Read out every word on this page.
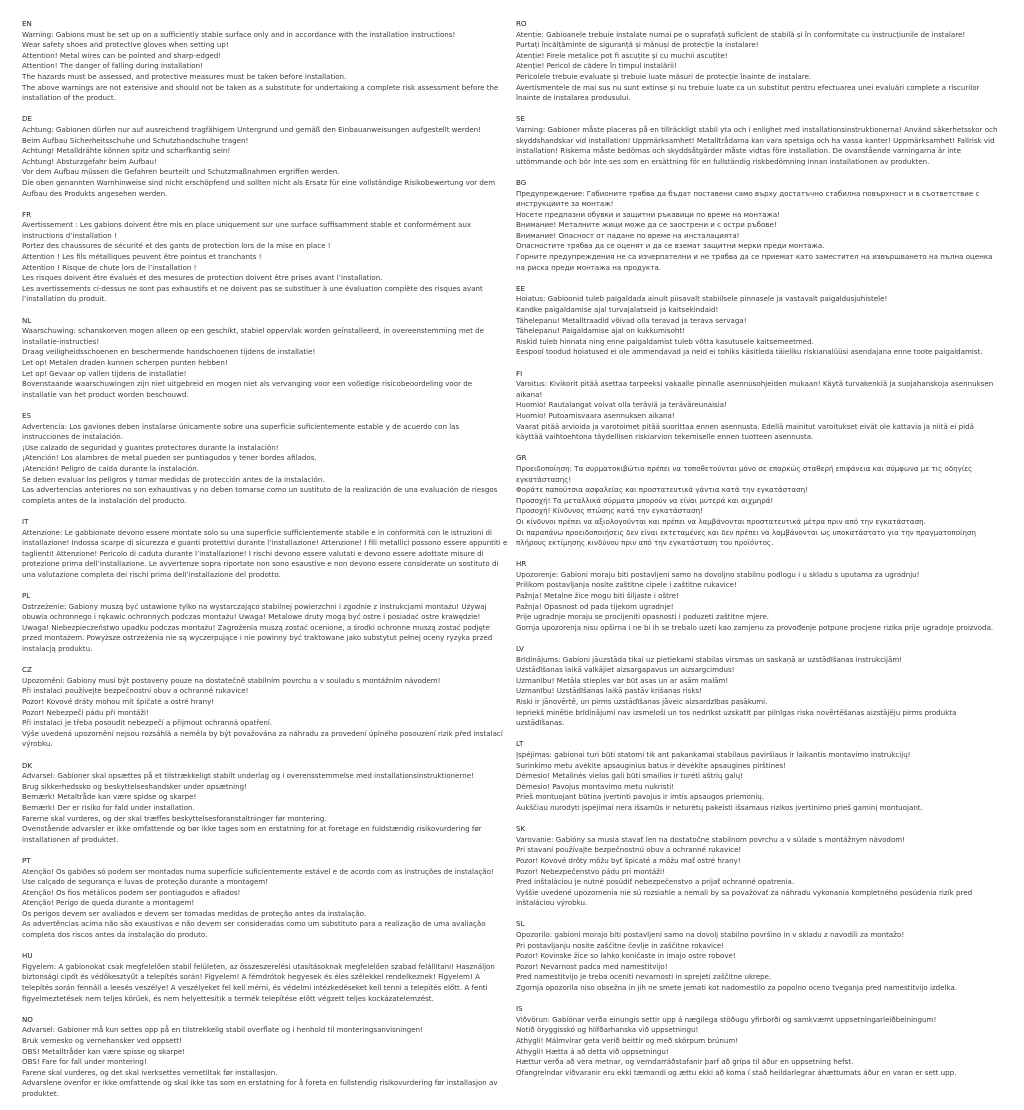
EN

Warning: Gabions must be set up on a sufficiently stable surface only and in accordance with the installation instructions!

Wear safety shoes and protective gloves when setting up!

Attention! Metal wires can be pointed and sharp-edged!

Attention! The danger of falling during installation!

The hazards must be assessed, and protective measures must be taken before installation.

The above warnings are not extensive and should not be taken as a substitute for undertaking a complete risk assessment before the installation of the product.

DE

Achtung: Gabionen dürfen nur auf ausreichend tragfähigem Untergrund und gemäß den Einbauanweisungen aufgestellt werden!

Beim Aufbau Sicherheitsschuhe und Schutzhandschuhe tragen!

Achtung! Metalldrähte können spitz und scharfkantig sein!

Achtung! Absturzgefahr beim Aufbau!

Vor dem Aufbau müssen die Gefahren beurteilt und Schutzmaßnahmen ergriffen werden.

Die oben genannten Warnhinweise sind nicht erschöpfend und sollten nicht als Ersatz für eine vollständige Risikobewertung vor dem Aufbau des Produkts angesehen werden.

FR

Avertissement : Les gabions doivent être mis en place uniquement sur une surface suffisamment stable et conformément aux instructions d’installation !

Portez des chaussures de sécurité et des gants de protection lors de la mise en place !

Attention ! Les fils métalliques peuvent être pointus et tranchants !

Attention ! Risque de chute lors de l’installation !

Les risques doivent être évalués et des mesures de protection doivent être prises avant l’installation.

Les avertissements ci-dessus ne sont pas exhaustifs et ne doivent pas se substituer à une évaluation complète des risques avant l’installation du produit.

NL

Waarschuwing: schanskorven mogen alleen op een geschikt, stabiel oppervlak worden geïnstalleerd, in overeenstemming met de installatie-instructies!

Draag veiligheidsschoenen en beschermende handschoenen tijdens de installatie!

Let op! Metalen draden kunnen scherpen punten hebben!

Let op! Gevaar op vallen tijdens de installatie!

Bovenstaande waarschuwingen zijn niet uitgebreid en mogen niet als vervanging voor een volledige risicobeoordeling voor de installatie van het product worden beschouwd.

ES

Advertencia: Los gaviones deben instalarse únicamente sobre una superficie suficientemente estable y de acuerdo con las instrucciones de instalación.

¡Use calzado de seguridad y guantes protectores durante la instalación!

¡Atención! Los alambres de metal pueden ser puntiagudos y tener bordes afilados.

¡Atención! Peligro de caída durante la instalación.

Se deben evaluar los peligros y tomar medidas de protección antes de la instalación.

Las advertencias anteriores no son exhaustivas y no deben tomarse como un sustituto de la realización de una evaluación de riesgos completa antes de la instalación del producto.

IT

Attenzione: Le gabbionate devono essere montate solo su una superficie sufficientemente stabile e in conformità con le istruzioni di installazione! Indossa scarpe di sicurezza e guanti protettivi durante l’installazione! Attenzione! I fili metallici possono essere appuntiti e taglienti! Attenzione! Pericolo di caduta durante l’installazione! I rischi devono essere valutati e devono essere adottate misure di protezione prima dell’installazione. Le avvertenze sopra riportate non sono esaustive e non devono essere considerate un sostituto di una valutazione completa dei rischi prima dell’installazione del prodotto.

PL

Ostrzeżenie: Gabiony muszą być ustawione tylko na wystarczająco stabilnej powierzchni i zgodnie z instrukcjami montażu! Używaj obuwia ochronnego i rękawic ochronnych podczas montażu! Uwaga! Metalowe druty mogą być ostre i posiadać ostre krawędzie! Uwaga! Niebezpieczeństwo upadku podczas montażu! Zagrożenia muszą zostać ocenione, a środki ochronne muszą zostać podjęte przed montażem. Powyższe ostrzeżenia nie są wyczerpujące i nie powinny być traktowane jako substytut pełnej oceny ryzyka przed instalacją produktu.

CZ

Upozornění: Gabiony musí být postaveny pouze na dostatečně stabilním povrchu a v souladu s montážním návodem!

Při instalaci používejte bezpečnostní obuv a ochranné rukavice!

Pozor! Kovové dráty mohou mít špičaté a ostré hrany!

Pozor! Nebezpečí pádu při montáži!

Při instalaci je třeba posoudit nebezpečí a přijmout ochranná opatření.

Výše uvedená upozornění nejsou rozsáhlá a neměla by být považována za náhradu za provedení úplného posouzení rizik před instalací výrobku.

DK

Advarsel: Gabioner skal opsættes på et tilstrækkeligt stabilt underlag og i overensstemmelse med installationsinstruktionerne!

Brug sikkerhedssko og beskyttelseshandsker under opsætning!

Bemærk! Metaltråde kan være spidse og skarpe!

Bemærk! Der er risiko for fald under installation.

Farerne skal vurderes, og der skal træffes beskyttelsesforanstaltninger før montering.

Ovenstående advarsler er ikke omfattende og bør ikke tages som en erstatning for at foretage en fuldstændig risikovurdering før installationen af produktet.

PT

Atenção! Os gabiões só podem ser montados numa superfície suficientemente estável e de acordo com as instruções de instalação!

Use calçado de segurança e luvas de proteção durante a montagem!

Atenção! Os fios metálicos podem ser pontiagudos e afiados!

Atenção! Perigo de queda durante a montagem!

Os perigos devem ser avaliados e devem ser tomadas medidas de proteção antes da instalação.

As advertências acima não são exaustivas e não devem ser consideradas como um substituto para a realização de uma avaliação completa dos riscos antes da instalação do produto.

HU

Figyelem: A gabionokat csak megfelelően stabil felületen, az összeszerelési utasításoknak megfelelően szabad felállítani! Használjon biztonsági cipőt és védőkesztyűt a telepítés során! Figyelem! A fémdrótok hegyesek és éles szélekkel rendelkeznek! Figyelem! A telepítés során fennáll a leesés veszélye! A veszélyeket fel kell mérni, és védelmi intézkedéseket kell tenni a telepítés előtt. A fenti figyelmeztetések nem teljes körűek, és nem helyettesítik a termék telepítése előtt végzett teljes kockázatelemzést.

NO

Advarsel: Gabioner må kun settes opp på en tilstrekkelig stabil overflate og i henhold til monteringsanvisningen!

Bruk vernesko og vernehansker ved oppsett!

OBS! Metalltråder kan være spisse og skarpe!

OBS! Fare for fall under montering!

Farene skal vurderes, og det skal iverksettes vernetiltak før installasjon.

Advarslene ovenfor er ikke omfattende og skal ikke tas som en erstatning for å foreta en fullstendig risikovurdering før installasjon av produktet.

RO

Atenție: Gabioanele trebuie instalate numai pe o suprafață suficient de stabilă și în conformitate cu instrucțiunile de instalare!

Purtați încălțăminte de siguranță și mănuși de protecție la instalare!

Atenție! Firele metalice pot fi ascuțite și cu muchii ascuțite!

Atenție! Pericol de cădere în timpul instalării!

Pericolele trebuie evaluate și trebuie luate măsuri de protecție înainte de instalare.

Avertismentele de mai sus nu sunt extinse și nu trebuie luate ca un substitut pentru efectuarea unei evaluări complete a riscurilor înainte de instalarea produsului.

SE

Varning: Gabioner måste placeras på en tillräckligt stabil yta och i enlighet med installationsinstruktionerna! Använd säkerhetsskor och skyddshandskar vid installation! Uppmärksamhet! Metalltrådarna kan vara spetsiga och ha vassa kanter! Uppmärksamhet! Fallrisk vid installation! Riskerna måste bedömas och skyddsåtgärder måste vidtas före installation. De ovanstående varningarna är inte uttömmande och bör inte ses som en ersättning för en fullständig riskbedömning innan installationen av produkten.

BG

Предупреждение: Габионите трябва да бъдат поставени само върху достатъчно стабилна повърхност и в съответствие с инструкциите за монтаж!

Носете предпазни обувки и защитни ръкавици по време на монтажа!

Внимание! Металните жици може да се заострени и с остри ръбове!

Внимание! Опасност от падане по време на инсталацията!

Опасностите трябва да се оценят и да се вземат защитни мерки преди монтажа.

Горните предупреждения не са изчерпателни и не трябва да се приемат като заместител на извършването на пълна оценка на риска преди монтажа на продукта.

EE

Hoiatus: Gabioonid tuleb paigaldada ainult piisavalt stabiilsele pinnasele ja vastavalt paigaldusjuhistele!

Kandke paigaldamise ajal turvajalatseid ja kaitsekindaid!

Tähelepanu! Metalltraadid võivad olla teravad ja terava servaga!

Tähelepanu! Paigaldamise ajal on kukkumisoht!

Riskid tuleb hinnata ning enne paigaldamist tuleb võtta kasutusele kaitsemeetmed.

Eespool toodud hoiatused ei ole ammendavad ja neid ei tohiks käsitleda täieliku riskianalüüsi asendajana enne toote paigaldamist.

FI

Varoitus: Kivikorit pitää asettaa tarpeeksi vakaalle pinnalle asennusohjeiden mukaan! Käytä turvakenkiä ja suojahanskoja asennuksen aikana!

Huomio! Rautalangat voivat olla teräviä ja teräväreunaisia!

Huomio! Putoamisvaara asennuksen aikana!

Vaarat pitää arvioida ja varotoimet pitää suorittaa ennen asennusta. Edellä mainitut varoitukset eivät ole kattavia ja niitä ei pidä käyttää vaihtoehtona täydellisen riskiarvion tekemiselle ennen tuotteen asennusta.

GR

Προειδοποίηση: Τα συρματοκιβώτια πρέπει να τοποθετούνται μόνο σε επαρκώς σταθερή επιφάνεια και σύμφωνα με τις οδηγίες εγκατάστασης!

Φοράτε παπούτσια ασφαλείας και προστατευτικά γάντια κατά την εγκατάσταση!

Προσοχή! Τα μεταλλικά σύρματα μπορούν να είναι μυτερά και αιχμηρά!

Προσοχή! Κίνδυνος πτώσης κατά την εγκατάσταση!

Οι κίνδυνοι πρέπει να αξιολογούνται και πρέπει να λαμβάνονται προστατευτικά μέτρα πριν από την εγκατάσταση.

Οι παραπάνω προειδοποιήσεις δεν είναι εκτεταμένες και δεν πρέπει να λαμβάνονται ως υποκατάστατο για την πραγματοποίηση πλήρους εκτίμησης κινδύνου πριν από την εγκατάσταση του προϊόντος.

HR

Upozorenje: Gabioni moraju biti postavljeni samo na dovoljno stabilnu podlogu i u skladu s uputama za ugradnju!

Prilikom postavljanja nosite zaštitne cipele i zaštitne rukavice!

Pažnja! Metalne žice mogu biti šiljaste i oštre!

Pažnja! Opasnost od pada tijekom ugradnje!

Prije ugradnje moraju se procijeniti opasnosti i poduzeti zaštitne mjere.

Gornja upozorenja nisu opširna i ne bi ih se trebalo uzeti kao zamjenu za provođenje potpune procjene rizika prije ugradnje proizvoda.

LV

Brīdinājums: Gabioni jāuzstāda tikai uz pietiekami stabilas virsmas un saskaņā ar uzstādīšanas instrukcijām!

Uzstādīšanas laikā valkājiet aizsargapavus un aizsargcimdus!

Uzmanību! Metāla stieples var būt asas un ar asām malām!

Uzmanību! Uzstādīšanas laikā pastāv krišanas risks!

Riski ir jānovērtē, un pirms uzstādīšanas jāveic aizsardzības pasākumi.

Iepriekš minētie brīdinājumi nav izsmeloši un tos nedrīkst uzskatīt par pilnīgas riska novērtēšanas aizstājēju pirms produkta uzstādīšanas.

LT

Įspėjimas: gabionai turi būti statomi tik ant pakankamai stabilaus paviršiaus ir laikantis montavimo instrukcijų!

Surinkimo metu avėkite apsauginius batus ir dėvėkite apsaugines pirštines!

Dėmesio! Metalinės vielos gali būti smailios ir turėti aštrių galų!

Dėmesio! Pavojus montavimo metu nukristi!

Prieš montuojant būtina įvertinti pavojus ir imtis apsaugos priemonių.

Aukščiau nurodyti įspėjimai nera išsamūs ir neturėtų pakeisti išsamaus rizikos įvertinimo prieš gaminį montuojant.

SK

Varovanie: Gabióny sa musia stavať len na dostatočne stabilnom povrchu a v súlade s montážnym návodom!

Pri stavaní používajte bezpečnostnú obuv a ochranné rukavice!

Pozor! Kovové drôty môžu byť špicaté a môžu mať ostré hrany!

Pozor! Nebezpečenstvo pádu pri montáži!

Pred inštaláciou je nutné posúdiť nebezpečenstvo a prijať ochranné opatrenia.

Vyššie uvedené upozornenia nie sú rozsiahle a nemali by sa považovať za náhradu vykonania kompletného posúdenia rizík pred inštaláciou výrobku.

SL

Opozorilo: gabioni morajo biti postavljeni samo na dovolj stabilno površino in v skladu z navodili za montažo!

Pri postavljanju nosite zaščitne čevlje in zaščitne rokavice!

Pozor! Kovinske žice so lahko koničaste in imajo ostre robove!

Pozor! Nevarnost padca med namestitvijo!

Pred namestitvijo je treba oceniti nevarnosti in sprejeti zaščitne ukrepe.

Zgornja opozorila niso obsežna in jih ne smete jemati kot nadomestilo za popolno oceno tveganja pred namestitvijo izdelka.

IS

Viðvörun: Gabíónar verða einungis settir upp á nægilega stöðugu yfirborði og samkvæmt uppsetningarleiðbeiningum!

Notið öryggisskó og hlífðarhanska við uppsetningu!

Athygli! Málmvírar geta verið beittir og með skörpum brúnum!

Athygli! Hætta á að detta við uppsetningu!

Hættur verða að vera metnar, og verndarráðstafanir þarf að grípa til áður en uppsetning hefst.

Ofangreindar viðvaranir eru ekki tæmandi og ættu ekki að koma í stað heildarlegrar áhættumats áður en varan er sett upp.
